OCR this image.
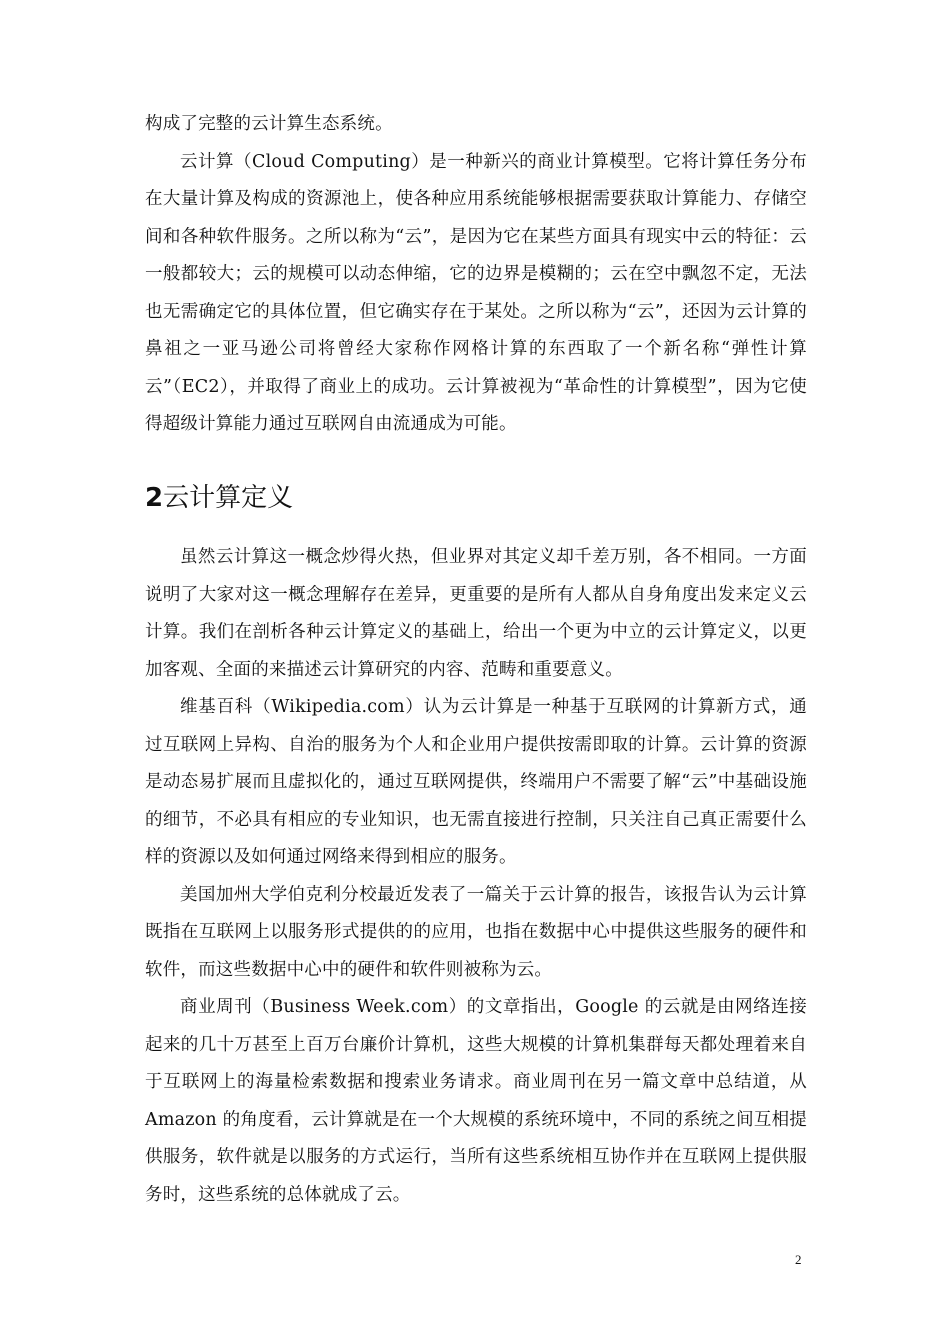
构成了完整的云计算生态系统。

云计算（Cloud Computing）是一种新兴的商业计算模型。它将计算任务分布在大量计算及构成的资源池上，使各种应用系统能够根据需要获取计算能力、存储空间和各种软件服务。之所以称为“云”，是因为它在某些方面具有现实中云的特征：云一般都较大；云的规模可以动态伸缩，它的边界是模糊的；云在空中飘忽不定，无法也无需确定它的具体位置，但它确实存在于某处。之所以称为“云”，还因为云计算的鼻祖之一亚马逊公司将曾经大家称作网格计算的东西取了一个新名称“弹性计算云”（EC2），并取得了商业上的成功。云计算被视为“革命性的计算模型”，因为它使得超级计算能力通过互联网自由流通成为可能。

2云计算定义

虽然云计算这一概念炒得火热，但业界对其定义却千差万别，各不相同。一方面说明了大家对这一概念理解存在差异，更重要的是所有人都从自身角度出发来定义云计算。我们在剖析各种云计算定义的基础上，给出一个更为中立的云计算定义，以更加客观、全面的来描述云计算研究的内容、范畴和重要意义。

维基百科（Wikipedia.com）认为云计算是一种基于互联网的计算新方式，通过互联网上异构、自治的服务为个人和企业用户提供按需即取的计算。云计算的资源是动态易扩展而且虚拟化的，通过互联网提供，终端用户不需要了解“云”中基础设施的细节，不必具有相应的专业知识，也无需直接进行控制，只关注自己真正需要什么样的资源以及如何通过网络来得到相应的服务。

美国加州大学伯克利分校最近发表了一篇关于云计算的报告，该报告认为云计算既指在互联网上以服务形式提供的的应用，也指在数据中心中提供这些服务的硬件和软件，而这些数据中心中的硬件和软件则被称为云。

商业周刊（Business Week.com）的文章指出，Google 的云就是由网络连接起来的几十万甚至上百万台廉价计算机，这些大规模的计算机集群每天都处理着来自于互联网上的海量检索数据和搜索业务请求。商业周刊在另一篇文章中总结道，从 Amazon 的角度看，云计算就是在一个大规模的系统环境中，不同的系统之间互相提供服务，软件就是以服务的方式运行，当所有这些系统相互协作并在互联网上提供服务时，这些系统的总体就成了云。

2
